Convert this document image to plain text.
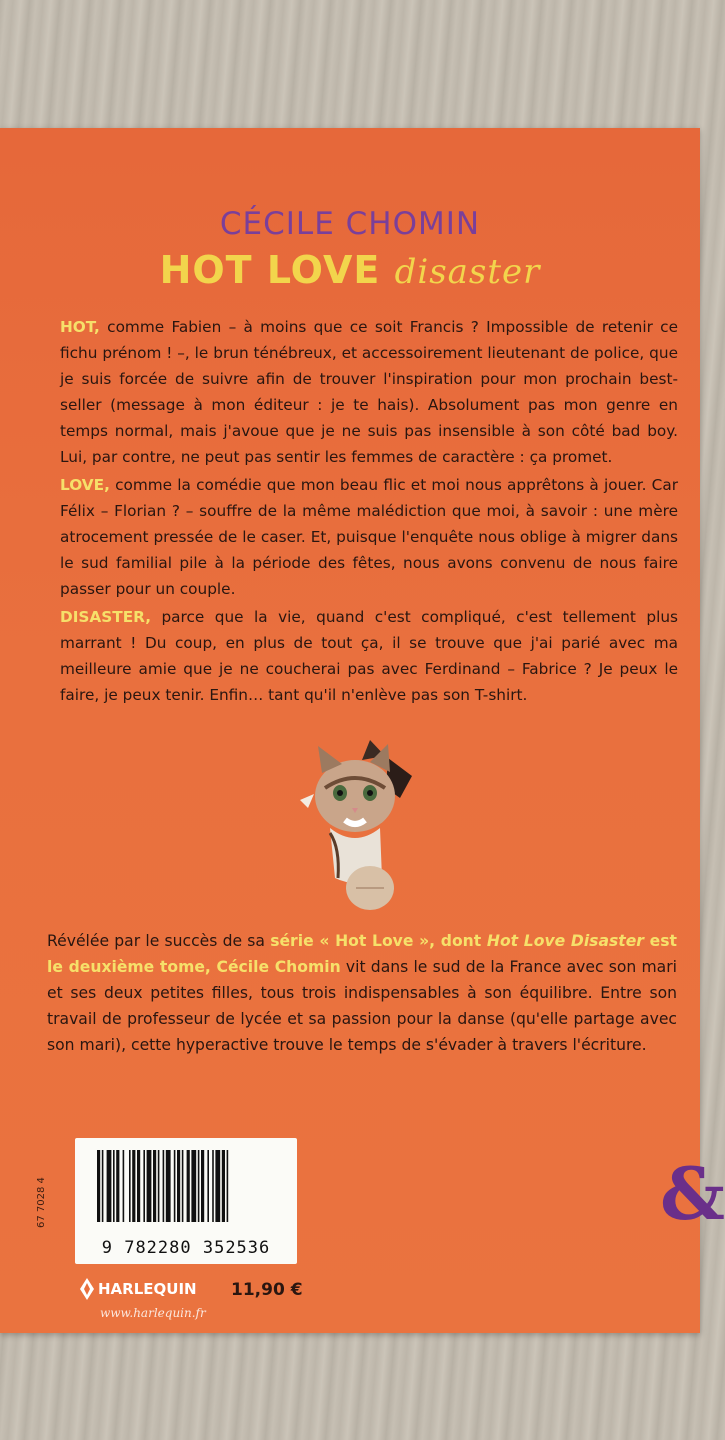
CÉCILE CHOMIN
HOT LOVE disaster

HOT, comme Fabien – à moins que ce soit Francis ? Impossible de retenir ce fichu prénom ! –, le brun ténébreux, et accessoirement lieutenant de police, que je suis forcée de suivre afin de trouver l'inspiration pour mon prochain best-seller (message à mon éditeur : je te hais). Absolument pas mon genre en temps normal, mais j'avoue que je ne suis pas insensible à son côté bad boy. Lui, par contre, ne peut pas sentir les femmes de caractère : ça promet.

LOVE, comme la comédie que mon beau flic et moi nous apprêtons à jouer. Car Félix – Florian ? – souffre de la même malédiction que moi, à savoir : une mère atrocement pressée de le caser. Et, puisque l'enquête nous oblige à migrer dans le sud familial pile à la période des fêtes, nous avons convenu de nous faire passer pour un couple.

DISASTER, parce que la vie, quand c'est compliqué, c'est tellement plus marrant ! Du coup, en plus de tout ça, il se trouve que j'ai parié avec ma meilleure amie que je ne coucherai pas avec Ferdinand – Fabrice ? Je peux le faire, je peux tenir. Enfin… tant qu'il n'enlève pas son T-shirt.

Révélée par le succès de sa série « Hot Love », dont Hot Love Disaster est le deuxième tome, Cécile Chomin vit dans le sud de la France avec son mari et ses deux petites filles, tous trois indispensables à son équilibre. Entre son travail de professeur de lycée et sa passion pour la danse (qu'elle partage avec son mari), cette hyperactive trouve le temps de s'évader à travers l'écriture.
67 7028 4
9 782280 352536
HARLEQUIN
www.harlequin.fr
11,90 €
&
